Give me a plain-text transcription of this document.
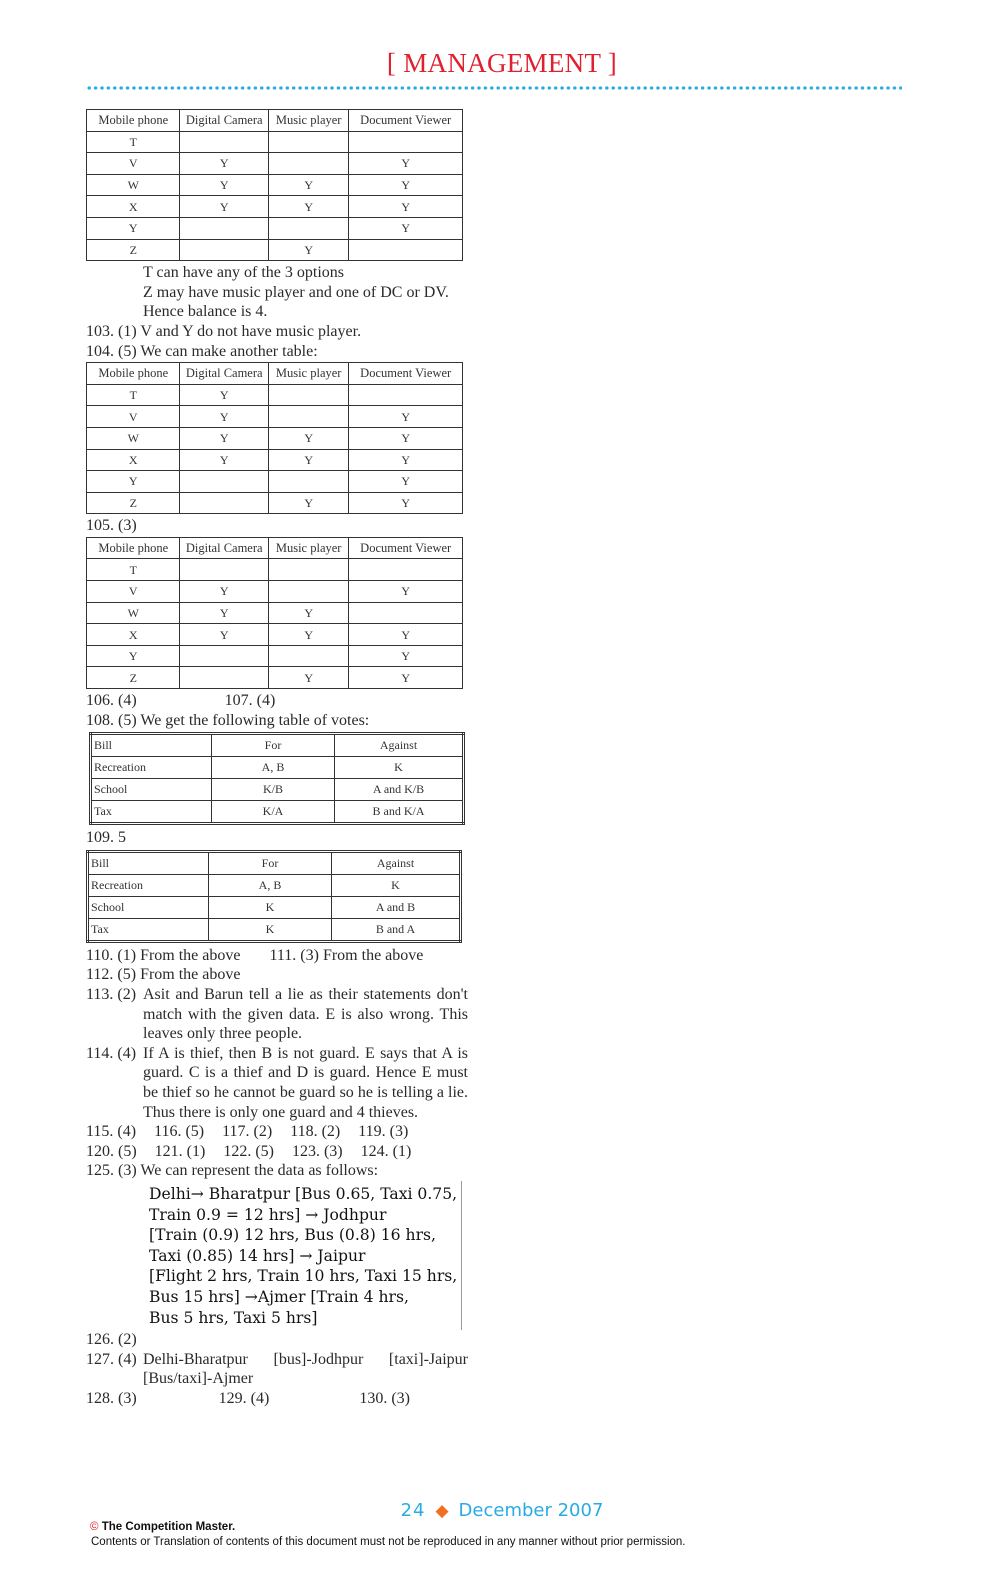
[ MANAGEMENT ]
Mobile phone	Digital Camera	Music player	Document Viewer
T			
V	Y		Y
W	Y	Y	Y
X	Y	Y	Y
Y			Y
Z		Y	
T can have any of the 3 options
Z may have music player and one of DC or DV.
Hence balance is 4.
103. (1) V and Y do not have music player.
104. (5) We can make another table:
Mobile phone	Digital Camera	Music player	Document Viewer
T	Y		
V	Y		Y
W	Y	Y	Y
X	Y	Y	Y
Y			Y
Z		Y	Y
105. (3)
Mobile phone	Digital Camera	Music player	Document Viewer
T			
V	Y		Y
W	Y	Y	
X	Y	Y	Y
Y			Y
Z		Y	Y
106. (4)	107. (4)
108. (5) We get the following table of votes:
Bill	For	Against
Recreation	A, B	K
School	K/B	A and K/B
Tax	K/A	B and K/A
109. 5
Bill	For	Against
Recreation	A, B	K
School	K	A and B
Tax	K	B and A
110. (1) From the above 111. (3) From the above
112. (5) From the above
113. (2) Asit and Barun tell a lie as their statements don't match with the given data. E is also wrong. This leaves only three people.
114. (4) If A is thief, then B is not guard. E says that A is guard. C is a thief and D is guard. Hence E must be thief so he cannot be guard so he is telling a lie. Thus there is only one guard and 4 thieves.
115. (4) 116. (5) 117. (2) 118. (2) 119. (3)
120. (5) 121. (1) 122. (5) 123. (3) 124. (1)
125. (3) We can represent the data as follows:
Delhi→ Bharatpur [Bus 0.65, Taxi 0.75,
Train 0.9 = 12 hrs] → Jodhpur
[Train (0.9) 12 hrs, Bus (0.8) 16 hrs,
Taxi (0.85) 14 hrs] → Jaipur
[Flight 2 hrs, Train 10 hrs, Taxi 15 hrs,
Bus 15 hrs] →Ajmer [Train 4 hrs,
Bus 5 hrs, Taxi 5 hrs]
126. (2)
127. (4) Delhi-Bharatpur [bus]-Jodhpur [taxi]-Jaipur [Bus/taxi]-Ajmer
128. (3)	129. (4)	130. (3)
24 ◆ December 2007
© The Competition Master.
Contents or Translation of contents of this document must not be reproduced in any manner without prior permission.
